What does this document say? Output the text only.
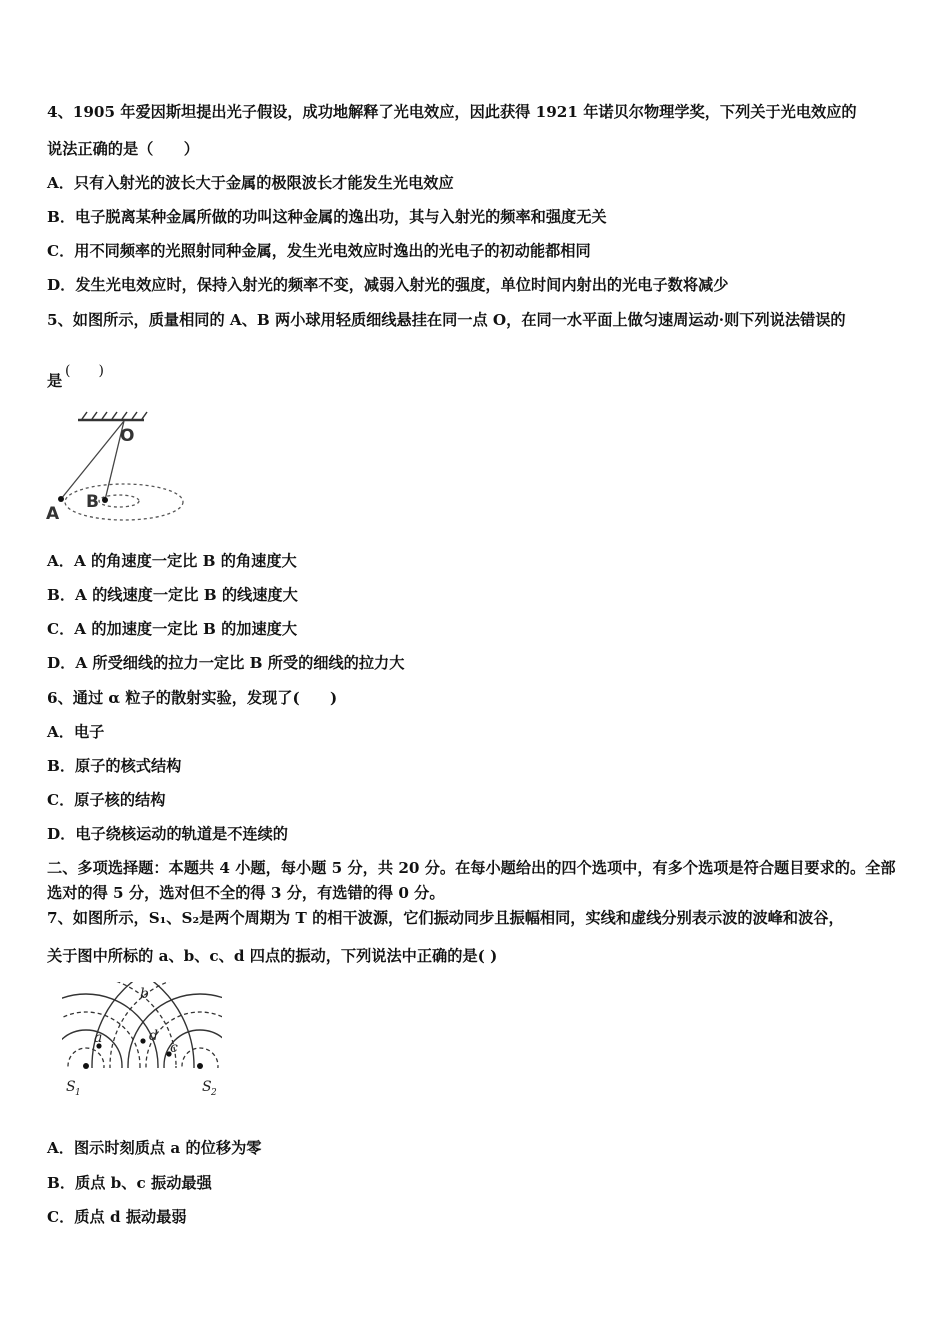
4、1905 年爱因斯坦提出光子假设，成功地解释了光电效应，因此获得 1921 年诺贝尔物理学奖，下列关于光电效应的
说法正确的是（　　）
A．只有入射光的波长大于金属的极限波长才能发生光电效应
B．电子脱离某种金属所做的功叫这种金属的逸出功，其与入射光的频率和强度无关
C．用不同频率的光照射同种金属，发生光电效应时逸出的光电子的初动能都相同
D．发生光电效应时，保持入射光的频率不变，减弱入射光的强度，单位时间内射出的光电子数将减少
5、如图所示，质量相同的 A、B 两小球用轻质细线悬挂在同一点 O，在同一水平面上做匀速周运动·则下列说法错误的
是
(　　)
O
A
B
A．A 的角速度一定比 B 的角速度大
B．A 的线速度一定比 B 的线速度大
C．A 的加速度一定比 B 的加速度大
D．A 所受细线的拉力一定比 B 所受的细线的拉力大
6、通过 α 粒子的散射实验，发现了(　　)
A．电子
B．原子的核式结构
C．原子核的结构
D．电子绕核运动的轨道是不连续的
二、多项选择题：本题共 4 小题，每小题 5 分，共 20 分。在每小题给出的四个选项中，有多个选项是符合题目要求的。全部选对的得 5 分，选对但不全的得 3 分，有选错的得 0 分。
7、如图所示，S₁、S₂是两个周期为 T 的相干波源，它们振动同步且振幅相同，实线和虚线分别表示波的波峰和波谷，
关于图中所标的 a、b、c、d 四点的振动，下列说法中正确的是( )
a
b
d
c
S 1	S 2
A．图示时刻质点 a 的位移为零
B．质点 b、c 振动最强
C．质点 d 振动最弱
